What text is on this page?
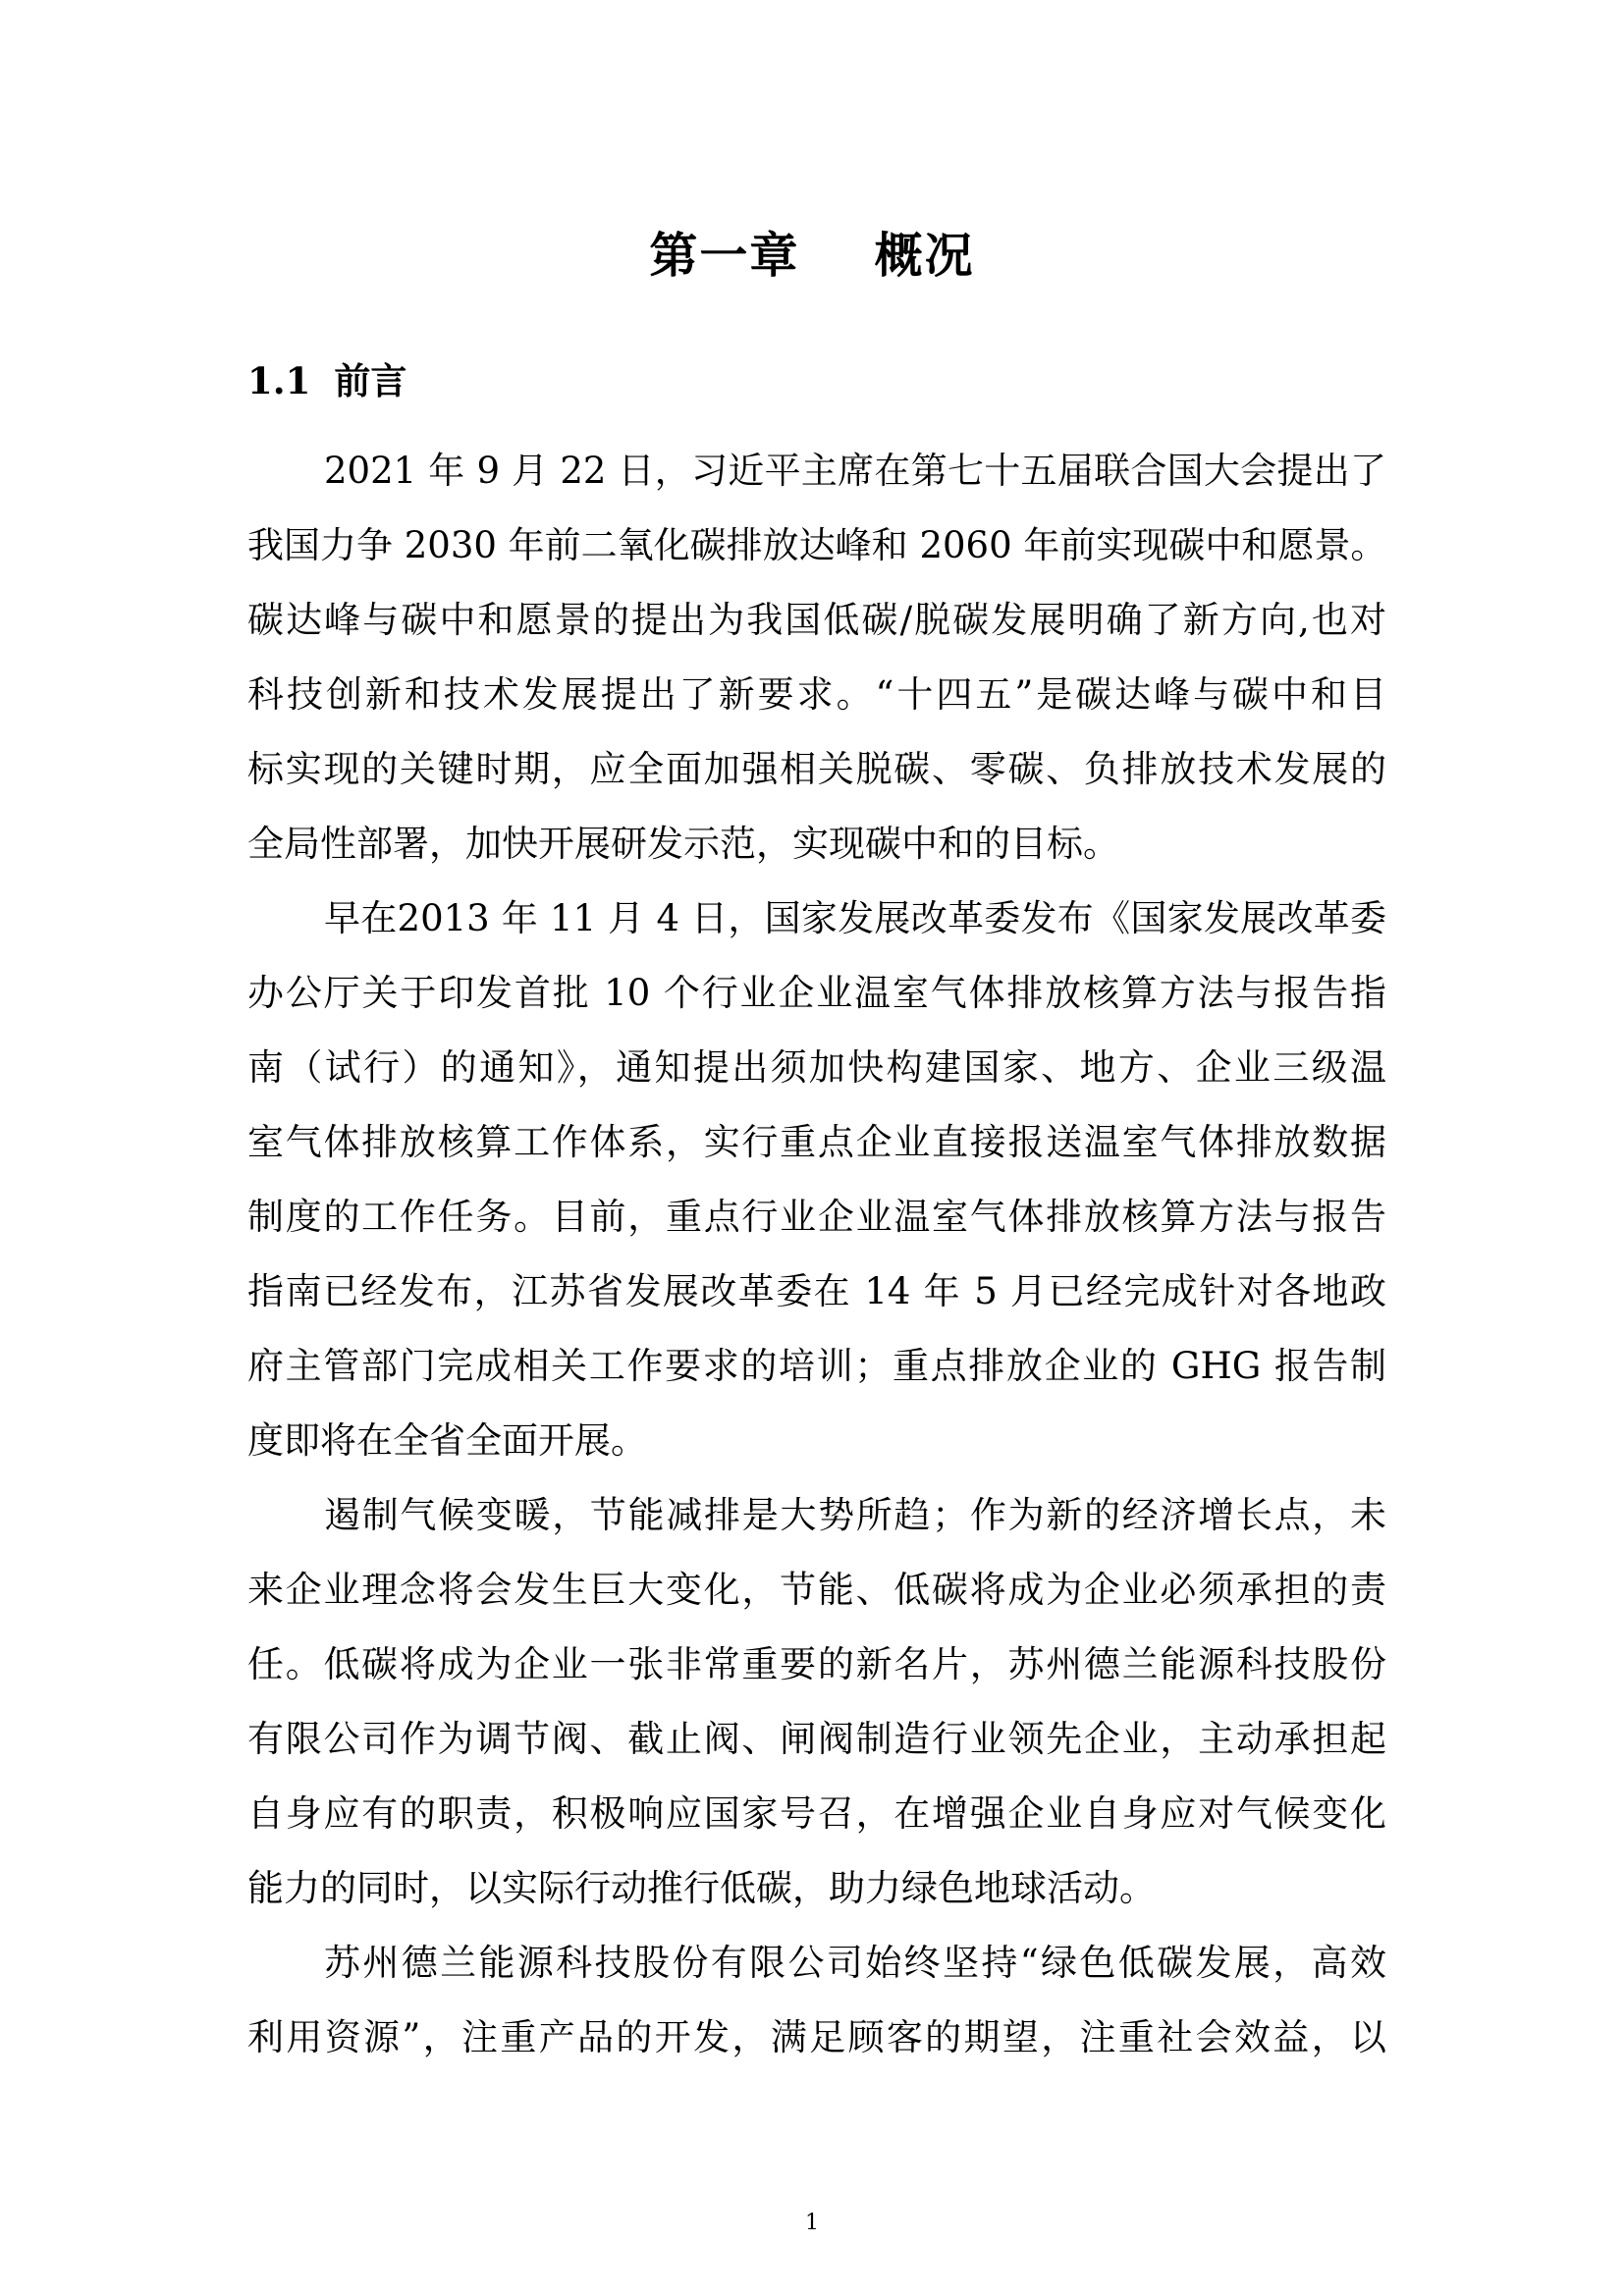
第一章    概况
1.1 前言
2021 年 9 月 22 日，习近平主席在第七十五届联合国大会提出了
我国力争 2030 年前二氧化碳排放达峰和 2060 年前实现碳中和愿景。
碳达峰与碳中和愿景的提出为我国低碳/脱碳发展明确了新方向,也对
科技创新和技术发展提出了新要求。“十四五”是碳达峰与碳中和目
标实现的关键时期，应全面加强相关脱碳、零碳、负排放技术发展的
全局性部署，加快开展研发示范，实现碳中和的目标。
早在2013 年 11 月 4 日，国家发展改革委发布《国家发展改革委
办公厅关于印发首批 10 个行业企业温室气体排放核算方法与报告指
南（试行）的通知》，通知提出须加快构建国家、地方、企业三级温
室气体排放核算工作体系，实行重点企业直接报送温室气体排放数据
制度的工作任务。目前，重点行业企业温室气体排放核算方法与报告
指南已经发布，江苏省发展改革委在 14 年 5 月已经完成针对各地政
府主管部门完成相关工作要求的培训；重点排放企业的 GHG 报告制
度即将在全省全面开展。
遏制气候变暖，节能减排是大势所趋；作为新的经济增长点，未
来企业理念将会发生巨大变化，节能、低碳将成为企业必须承担的责
任。低碳将成为企业一张非常重要的新名片，苏州德兰能源科技股份
有限公司作为调节阀、截止阀、闸阀制造行业领先企业，主动承担起
自身应有的职责，积极响应国家号召，在增强企业自身应对气候变化
能力的同时，以实际行动推行低碳，助力绿色地球活动。
苏州德兰能源科技股份有限公司始终坚持“绿色低碳发展，高效
利用资源”，注重产品的开发，满足顾客的期望，注重社会效益，以
1
